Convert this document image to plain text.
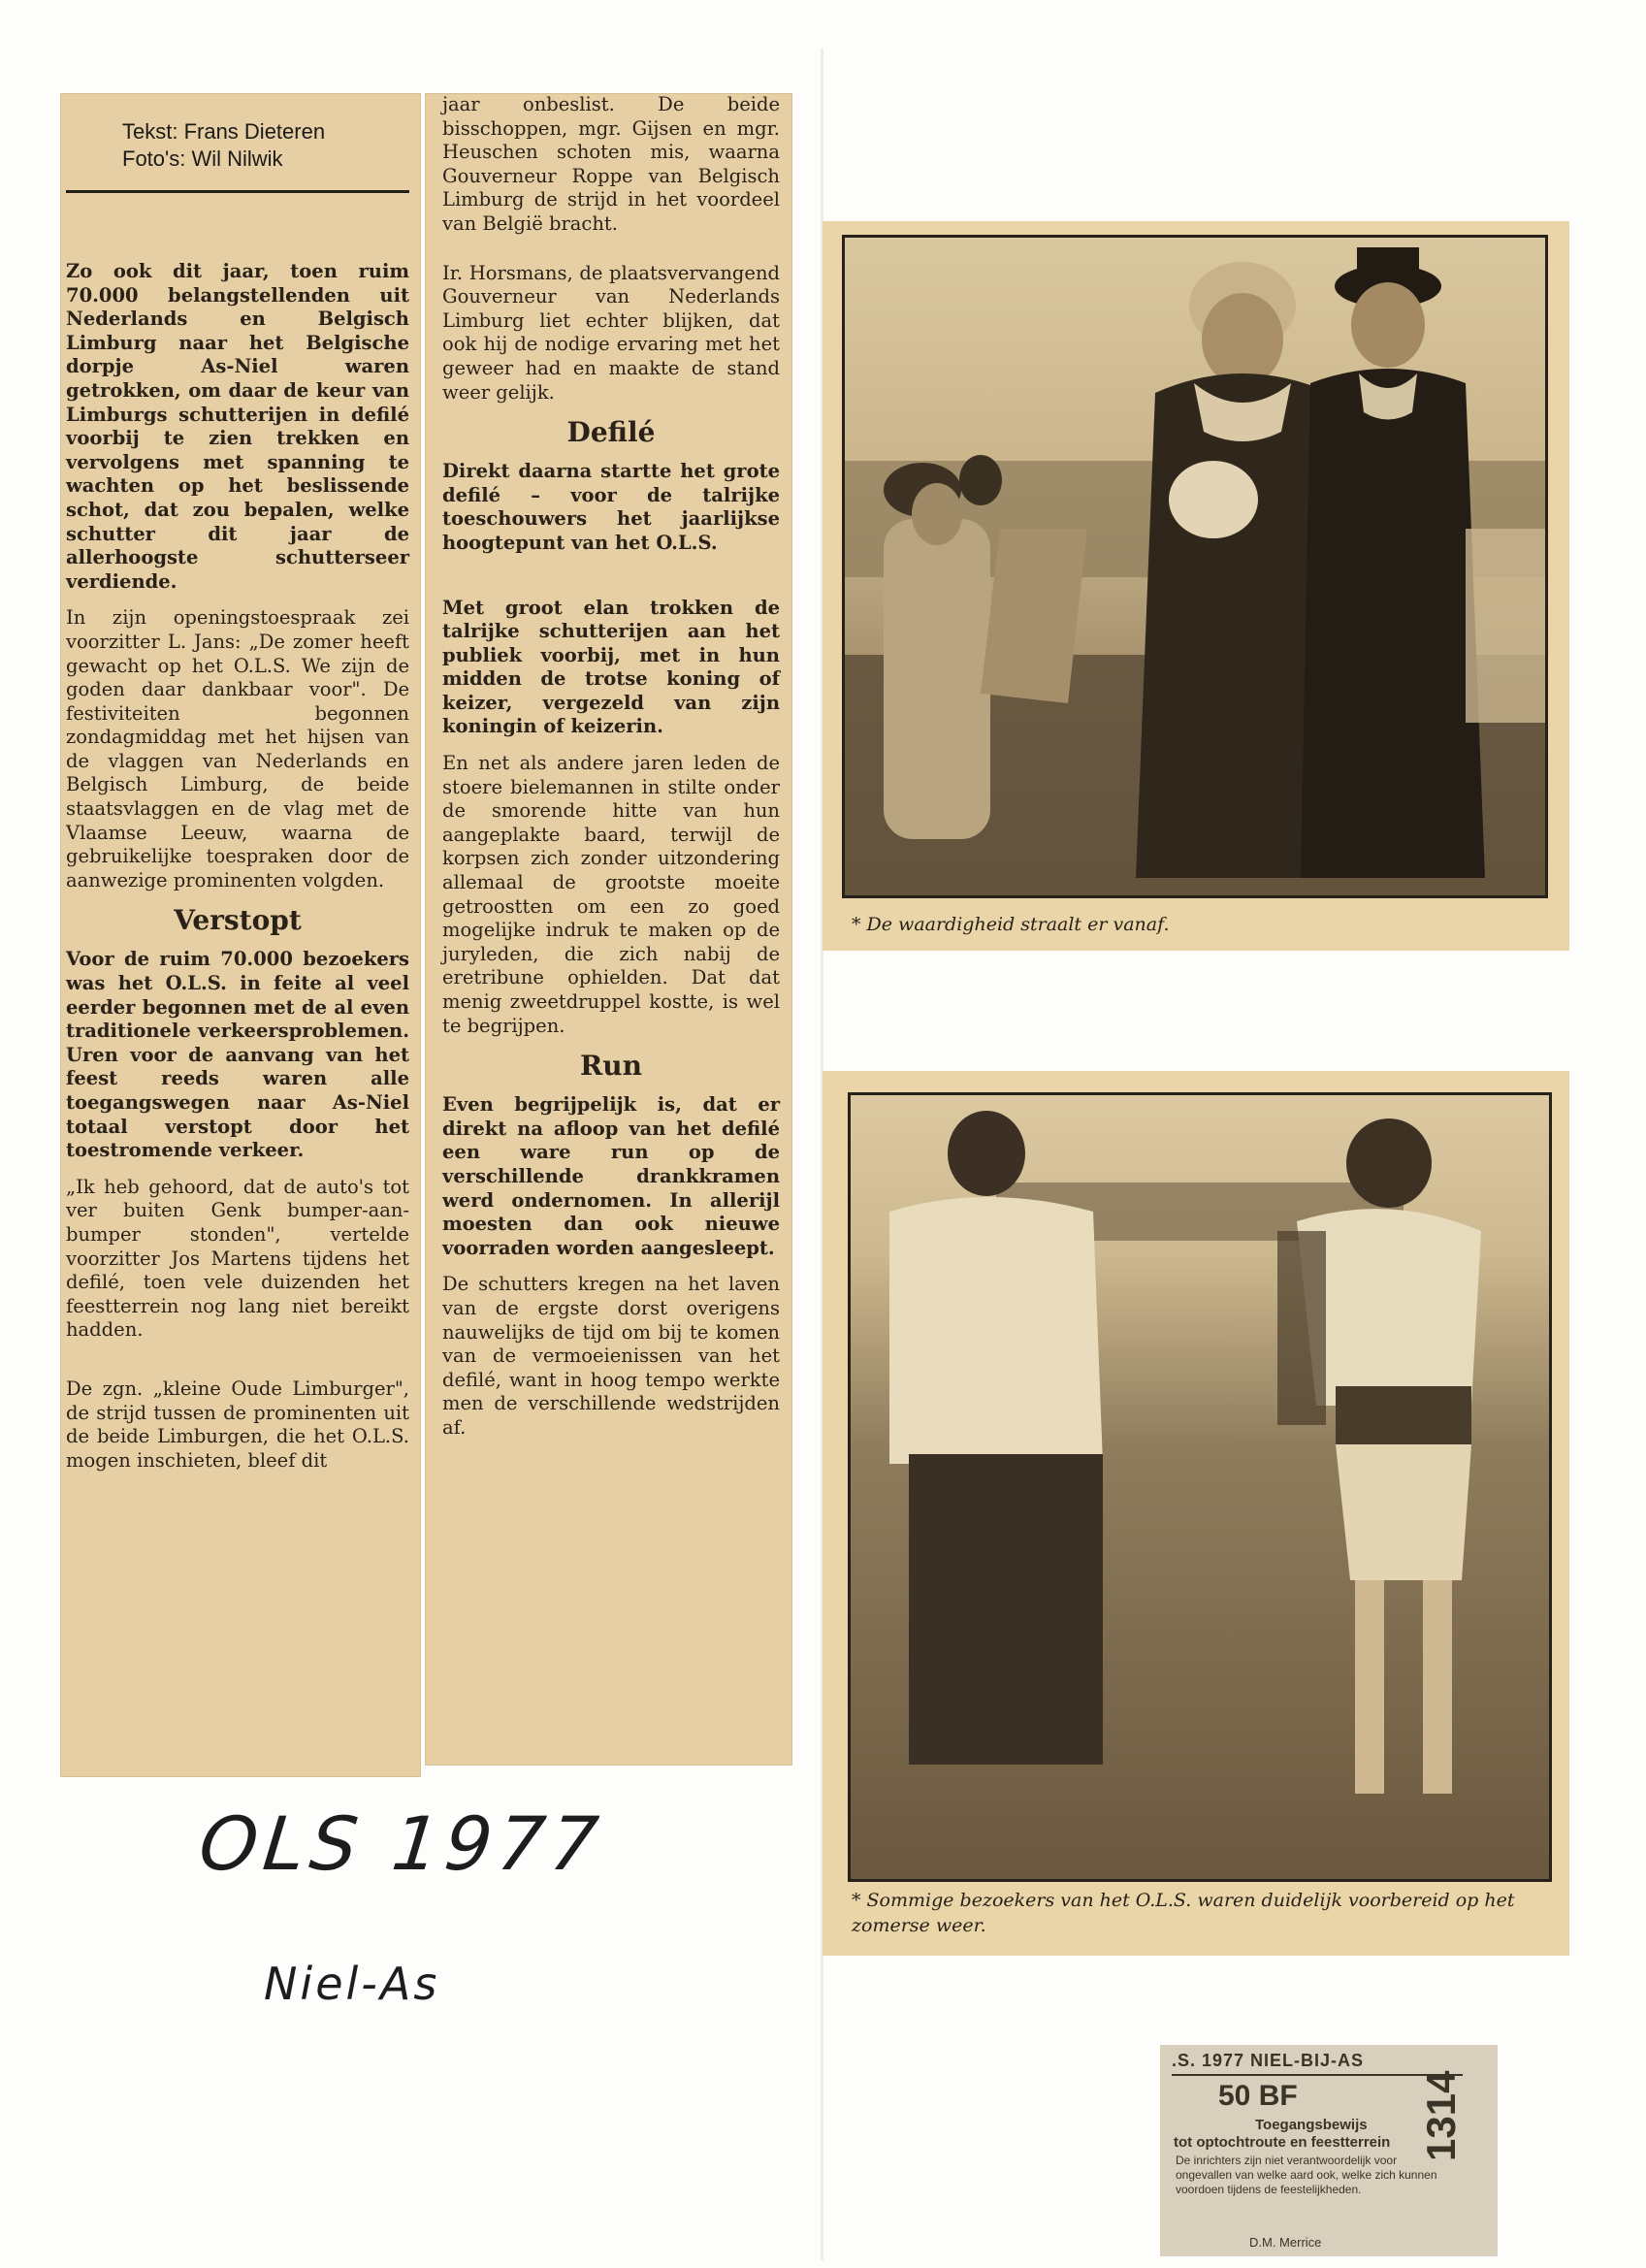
Tekst: Frans Dieteren
Foto's: Wil Nilwik

Zo ook dit jaar, toen ruim 70.000 belangstellenden uit Nederlands en Belgisch Limburg naar het Belgische dorpje As-Niel waren getrokken, om daar de keur van Limburgs schutterijen in defilé voorbij te zien trekken en vervolgens met spanning te wachten op het beslissende schot, dat zou bepalen, welke schutter dit jaar de allerhoogste schutterseer verdiende.

In zijn openingstoespraak zei voorzitter L. Jans: „De zomer heeft gewacht op het O.L.S. We zijn de goden daar dankbaar voor". De festiviteiten begonnen zondagmiddag met het hijsen van de vlaggen van Nederlands en Belgisch Limburg, de beide staatsvlaggen en de vlag met de Vlaamse Leeuw, waarna de gebruikelijke toespraken door de aanwezige prominenten volgden.

Verstopt

Voor de ruim 70.000 bezoekers was het O.L.S. in feite al veel eerder begonnen met de al even traditionele verkeersproblemen. Uren voor de aanvang van het feest reeds waren alle toegangswegen naar As-Niel totaal verstopt door het toestromende verkeer.

„Ik heb gehoord, dat de auto's tot ver buiten Genk bumper-aan-bumper stonden", vertelde voorzitter Jos Martens tijdens het defilé, toen vele duizenden het feestterrein nog lang niet bereikt hadden.

De zgn. „kleine Oude Limburger", de strijd tussen de prominenten uit de beide Limburgen, die het O.L.S. mogen inschieten, bleef dit

jaar onbeslist. De beide bisschoppen, mgr. Gijsen en mgr. Heuschen schoten mis, waarna Gouverneur Roppe van Belgisch Limburg de strijd in het voordeel van België bracht.

Ir. Horsmans, de plaatsvervangend Gouverneur van Nederlands Limburg liet echter blijken, dat ook hij de nodige ervaring met het geweer had en maakte de stand weer gelijk.

Defilé

Direkt daarna startte het grote defilé – voor de talrijke toeschouwers het jaarlijkse hoogtepunt van het O.L.S.

Met groot elan trokken de talrijke schutterijen aan het publiek voorbij, met in hun midden de trotse koning of keizer, vergezeld van zijn koningin of keizerin.

En net als andere jaren leden de stoere bielemannen in stilte onder de smorende hitte van hun aangeplakte baard, terwijl de korpsen zich zonder uitzondering allemaal de grootste moeite getroostten om een zo goed mogelijke indruk te maken op de juryleden, die zich nabij de eretribune ophielden. Dat dat menig zweetdruppel kostte, is wel te begrijpen.

Run

Even begrijpelijk is, dat er direkt na afloop van het defilé een ware run op de verschillende drankkramen werd ondernomen. In allerijl moesten dan ook nieuwe voorraden worden aangesleept.

De schutters kregen na het laven van de ergste dorst overigens nauwelijks de tijd om bij te komen van de vermoeienissen van het defilé, want in hoog tempo werkte men de verschillende wedstrijden af.

* De waardigheid straalt er vanaf.
* Sommige bezoekers van het O.L.S. waren duidelijk voorbereid op het zomerse weer.
OLS 1977
Niel-As
.S. 1977 NIEL-BIJ-AS
50 BF
Toegangsbewijs
tot optochtroute en feestterrein
De inrichters zijn niet verantwoordelijk voor ongevallen van welke aard ook, welke zich kunnen voordoen tijdens de feestelijkheden.
D.M. Merrice
1314
